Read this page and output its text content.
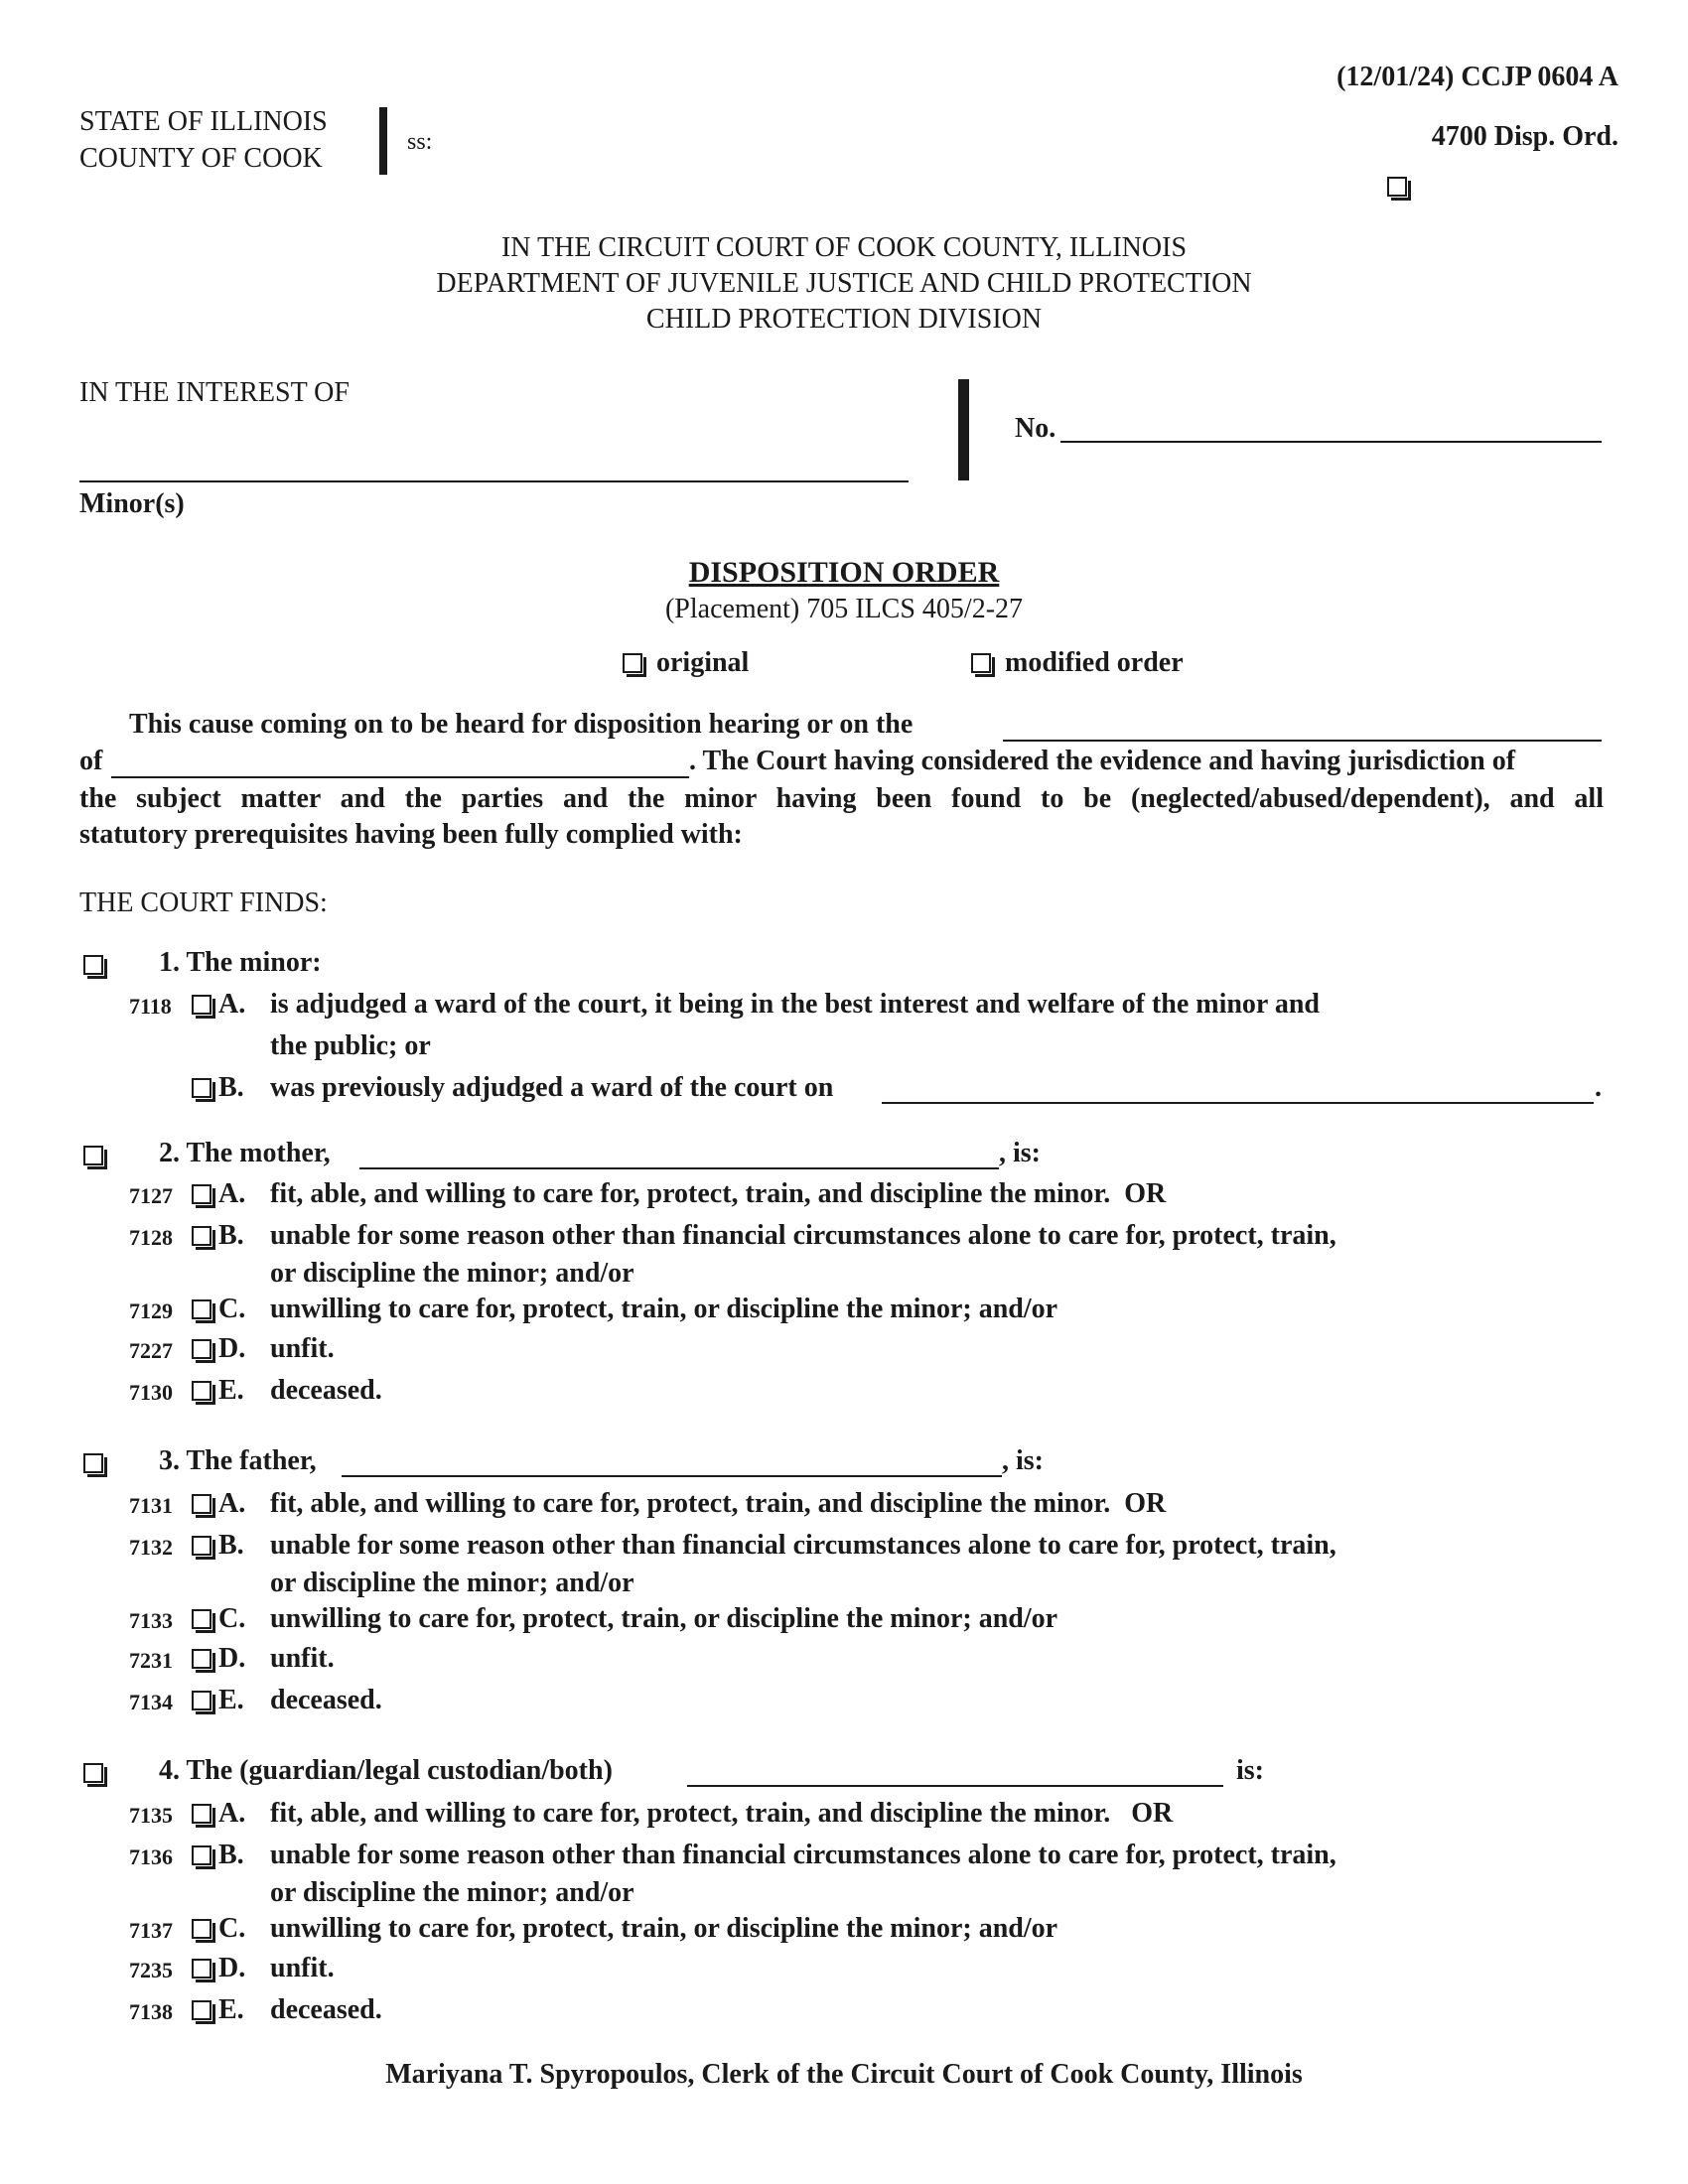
(12/01/24) CCJP 0604 A
4700 Disp. Ord.
STATE OF ILLINOIS
COUNTY OF COOK
ss:
IN THE CIRCUIT COURT OF COOK COUNTY, ILLINOIS
DEPARTMENT OF JUVENILE JUSTICE AND CHILD PROTECTION
CHILD PROTECTION DIVISION
IN THE INTEREST OF
Minor(s)
No.
DISPOSITION ORDER
(Placement) 705 ILCS 405/2-27
original	modified order
This cause coming on to be heard for disposition hearing or on the
of	. The Court having considered the evidence and having jurisdiction of
the subject matter and the parties and the minor having been found to be (neglected/abused/dependent), and all
statutory prerequisites having been fully complied with:
THE COURT FINDS:
1. The minor:
7118	A. is adjudged a ward of the court, it being in the best interest and welfare of the minor and
the public; or
B. was previously adjudged a ward of the court on	.
2. The mother,	, is:
7127	A. fit, able, and willing to care for, protect, train, and discipline the minor. OR
7128	B. unable for some reason other than financial circumstances alone to care for, protect, train,
or discipline the minor; and/or
7129	C. unwilling to care for, protect, train, or discipline the minor; and/or
7227	D. unfit.
7130	E. deceased.
3. The father,	, is:
7131	A. fit, able, and willing to care for, protect, train, and discipline the minor. OR
7132	B. unable for some reason other than financial circumstances alone to care for, protect, train,
or discipline the minor; and/or
7133	C. unwilling to care for, protect, train, or discipline the minor; and/or
7231	D. unfit.
7134	E. deceased.
4. The (guardian/legal custodian/both)	is:
7135	A. fit, able, and willing to care for, protect, train, and discipline the minor. OR
7136	B. unable for some reason other than financial circumstances alone to care for, protect, train,
or discipline the minor; and/or
7137	C. unwilling to care for, protect, train, or discipline the minor; and/or
7235	D. unfit.
7138	E. deceased.
Mariyana T. Spyropoulos, Clerk of the Circuit Court of Cook County, Illinois
